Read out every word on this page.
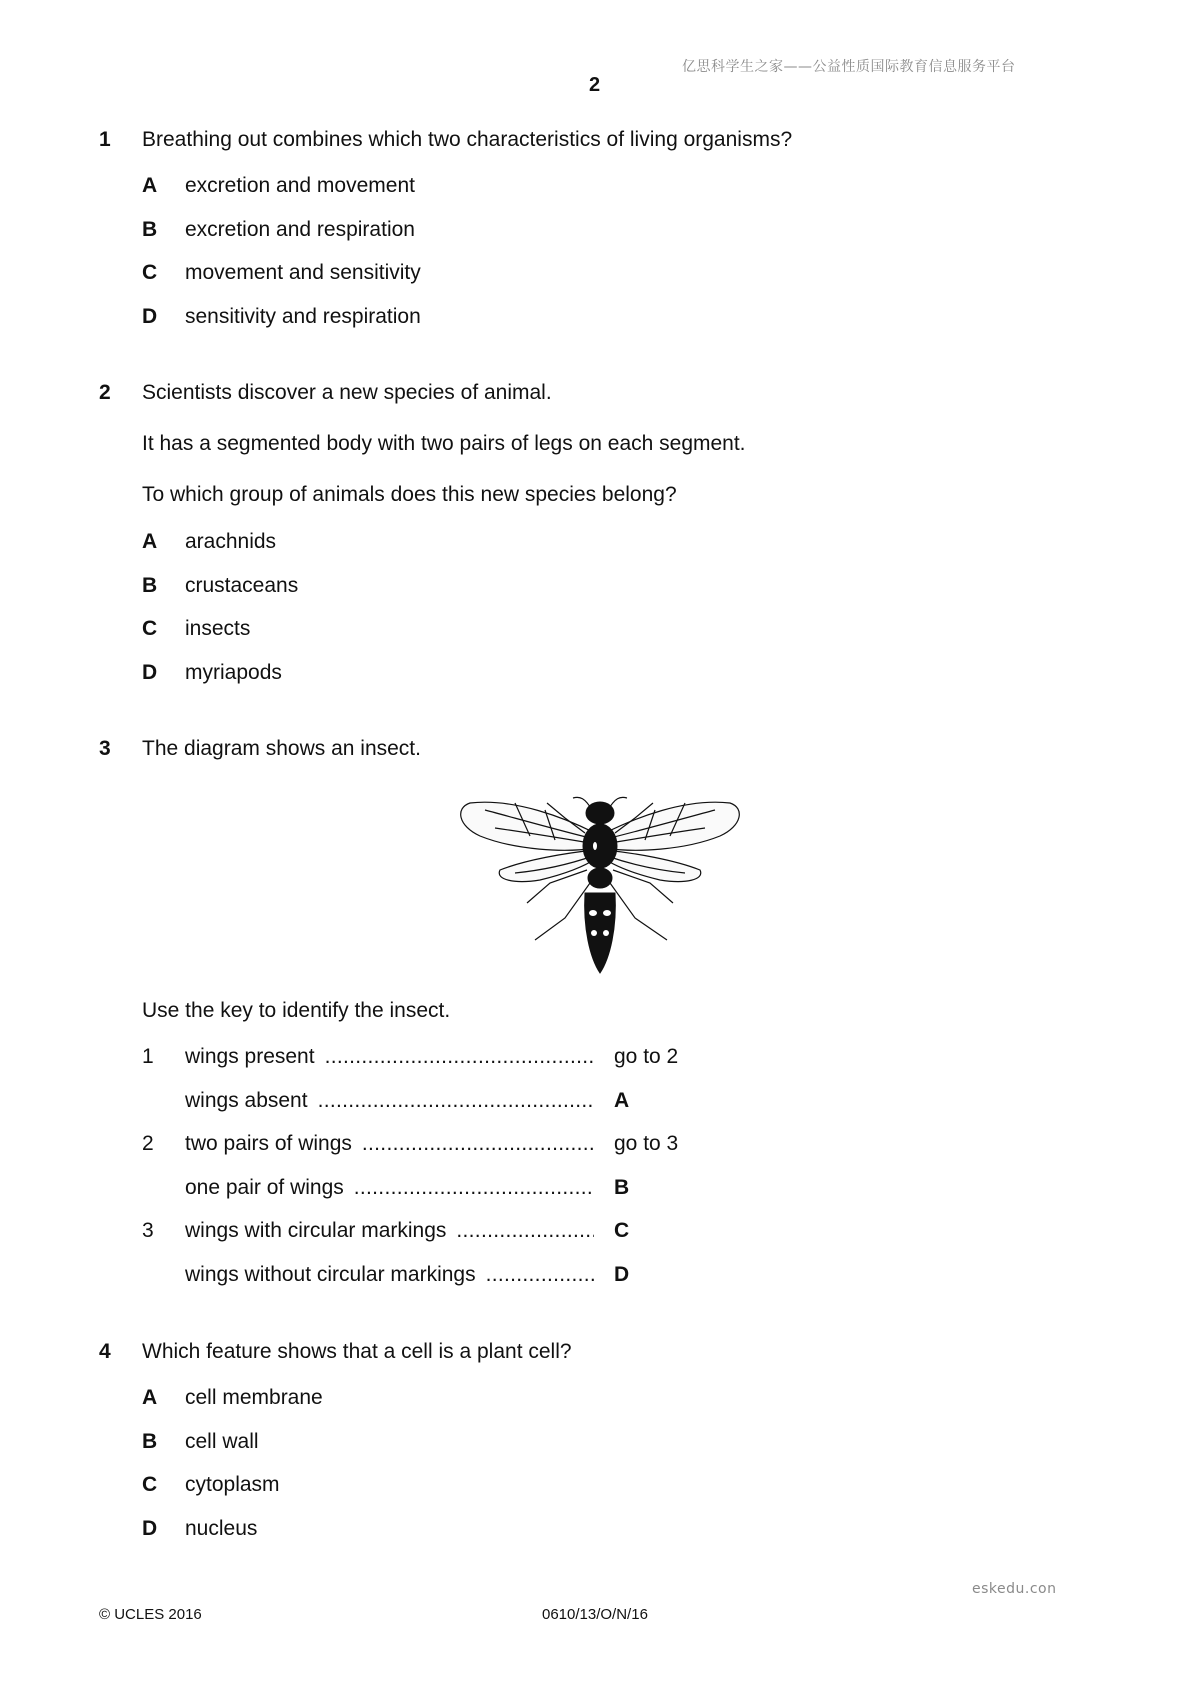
亿思科学生之家——公益性质国际教育信息服务平台
2
1 Breathing out combines which two characteristics of living organisms?
A excretion and movement
B excretion and respiration
C movement and sensitivity
D sensitivity and respiration
2 Scientists discover a new species of animal.
It has a segmented body with two pairs of legs on each segment.
To which group of animals does this new species belong?
A arachnids
B crustaceans
C insects
D myriapods
3 The diagram shows an insect.
Use the key to identify the insect.
1 wings present .....	go to 2
wings absent .....	A
2 two pairs of wings .....	go to 3
one pair of wings .....	B
3 wings with circular markings .....	C
wings without circular markings .....	D
4 Which feature shows that a cell is a plant cell?
A cell membrane
B cell wall
C cytoplasm
D nucleus
eskedu.con
© UCLES 2016	0610/13/O/N/16
